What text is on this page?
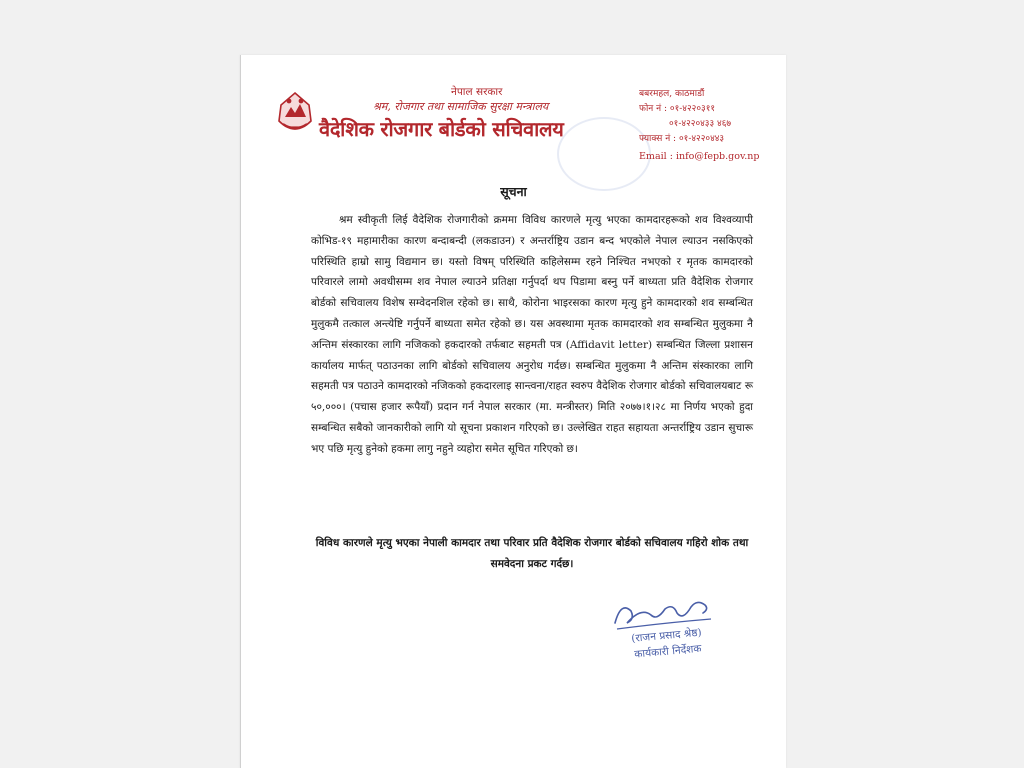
नेपाल सरकार
श्रम, रोजगार तथा सामाजिक सुरक्षा मन्त्रालय
वैदेशिक रोजगार बोर्डको सचिवालय
बबरमहल, काठमाडौं
फोन नं : ०१-४२२०३११
०१-४२२०४३३ ४६७
फ्याक्स नं : ०१-४२२०४४३
Email : info@fepb.gov.np
सूचना

श्रम स्वीकृती लिई वैदेशिक रोजगारीको क्रममा विविध कारणले मृत्यु भएका कामदारहरूको शव विश्वव्यापी कोभिड-१९ महामारीका कारण बन्दाबन्दी (लकडाउन) र अन्तर्राष्ट्रिय उडान बन्द भएकोले नेपाल ल्याउन नसकिएको परिस्थिति हाम्रो सामु विद्यमान छ। यस्तो विषम् परिस्थिति कहिलेसम्म रहने निश्चित नभएको र मृतक कामदारको परिवारले लामो अवधीसम्म शव नेपाल ल्याउने प्रतिक्षा गर्नुपर्दा थप पिडामा बस्नु पर्ने बाध्यता प्रति वैदेशिक रोजगार बोर्डको सचिवालय विशेष सम्वेदनशिल रहेको छ। साथै, कोरोना भाइरसका कारण मृत्यु हुने कामदारको शव सम्बन्धित मुलुकमै तत्काल अन्त्येष्टि गर्नुपर्ने बाध्यता समेत रहेको छ। यस अवस्थामा मृतक कामदारको शव सम्बन्धित मुलुकमा नै अन्तिम संस्कारका लागि नजिकको हकदारको तर्फबाट सहमती पत्र (Affidavit letter) सम्बन्धित जिल्ला प्रशासन कार्यालय मार्फत् पठाउनका लागि बोर्डको सचिवालय अनुरोध गर्दछ। सम्बन्धित मुलुकमा नै अन्तिम संस्कारका लागि सहमती पत्र पठाउने कामदारको नजिकको हकदारलाइ सान्त्वना/राहत स्वरुप वैदेशिक रोजगार बोर्डको सचिवालयबाट रू ५०,०००। (पचास हजार रूपैयाँ) प्रदान गर्न नेपाल सरकार (मा. मन्त्रीस्तर) मिति २०७७।१।२८ मा निर्णय भएको हुदा सम्बन्धित सबैको जानकारीको लागि यो सूचना प्रकाशन गरिएको छ। उल्लेखित राहत सहायता अन्तर्राष्ट्रिय उडान सुचारू भए पछि मृत्यु हुनेको हकमा लागु नहुने व्यहोरा समेत सूचित गरिएको छ।

विविध कारणले मृत्यु भएका नेपाली कामदार तथा परिवार प्रति वैदेशिक रोजगार बोर्डको सचिवालय गहिरो शोक तथा समवेदना प्रकट गर्दछ।

(राजन प्रसाद श्रेष्ठ)
कार्यकारी निर्देशक
